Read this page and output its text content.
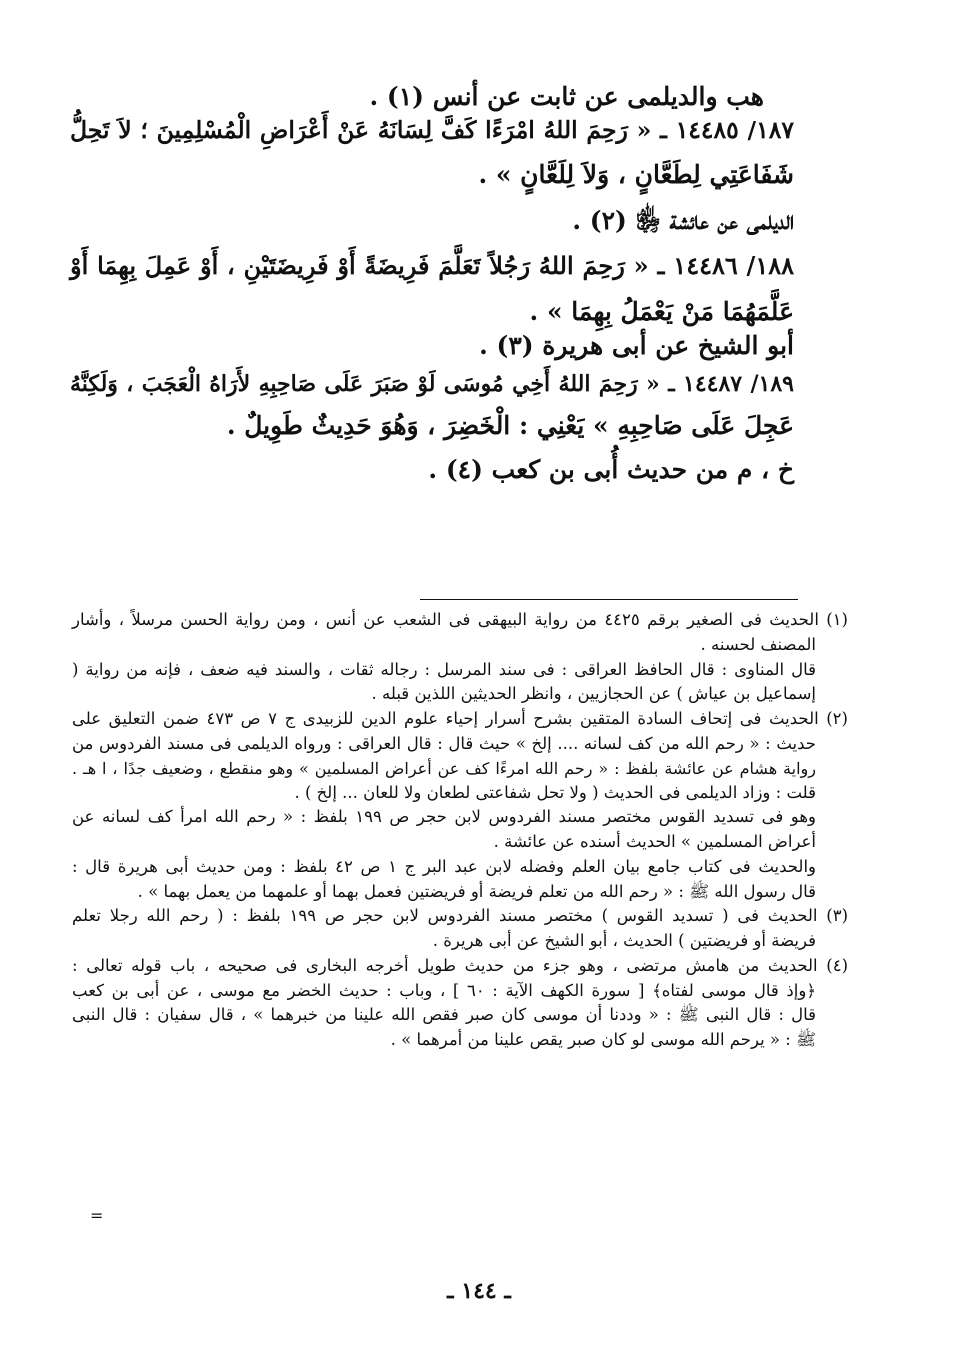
هب والديلمى عن ثابت عن أنس (١) .
١٨٧/ ١٤٤٨٥ ـ « رَحِمَ اللهُ امْرَءًا كَفَّ لِسَانَهُ عَنْ أَعْرَاضِ الْمُسْلِمِينَ ؛ لاَ تَحِلُّ
شَفَاعَتِي لِطَعَّانٍ ، وَلاَ لِلَعَّانٍ » .
الديلمى عن عائشة ﵂ (٢) .
١٨٨/ ١٤٤٨٦ ـ « رَحِمَ اللهُ رَجُلاً تَعَلَّمَ فَرِيضَةً أَوْ فَرِيضَتَيْنِ ، أَوْ عَمِلَ بِهِمَا أَوْ
عَلَّمَهُمَا مَنْ يَعْمَلُ بِهِمَا » .
أبو الشيخ عن أبى هريرة (٣) .
١٨٩/ ١٤٤٨٧ ـ « رَحِمَ اللهُ أَخِي مُوسَى لَوْ صَبَرَ عَلَى صَاحِبِهِ لأَرَاهُ الْعَجَبَ ، وَلَكِنَّهُ
عَجِلَ عَلَى صَاحِبِهِ » يَعْنِي : الْخَضِرَ ، وَهُوَ حَدِيثٌ طَوِيلٌ .
خ ، م من حديث أُبى بن كعب (٤) .
(١) الحديث فى الصغير برقم ٤٤٢٥ من رواية البيهقى فى الشعب عن أنس ، ومن رواية الحسن مرسلاً ، وأشار
المصنف لحسنه .
قال المناوى : قال الحافظ العراقى : فى سند المرسل : رجاله ثقات ، والسند فيه ضعف ، فإنه من رواية (
إسماعيل بن عياش ) عن الحجازيين ، وانظر الحديثين اللذين قبله .
(٢) الحديث فى إتحاف السادة المتقين بشرح أسرار إحياء علوم الدين للزبيدى ج ٧ ص ٤٧٣ ضمن التعليق على
حديث : « رحم الله من كف لسانه .... إلخ » حيث قال : قال العراقى : ورواه الديلمى فى مسند الفردوس من
رواية هشام عن عائشة بلفظ : « رحم الله امرءًا كف عن أعراض المسلمين » وهو منقطع ، وضعيف جدًا ، ا هـ .
قلت : وزاد الديلمى فى الحديث ( ولا تحل شفاعتى لطعان ولا للعان ... إلخ ) .
وهو فى تسديد القوس مختصر مسند الفردوس لابن حجر ص ١٩٩ بلفظ : « رحم الله امرأ كف لسانه عن
أعراض المسلمين » الحديث أسنده عن عائشة .
والحديث فى كتاب جامع بيان العلم وفضله لابن عبد البر ج ١ ص ٤٢ بلفظ : ومن حديث أبى هريرة قال :
قال رسول الله ﷺ : « رحم الله من تعلم فريضة أو فريضتين فعمل بهما أو علمهما من يعمل بهما » .
(٣) الحديث فى ( تسديد القوس ) مختصر مسند الفردوس لابن حجر ص ١٩٩ بلفظ : ( رحم الله رجلا تعلم
فريضة أو فريضتين ) الحديث ، أبو الشيخ عن أبى هريرة .
(٤) الحديث من هامش مرتضى ، وهو جزء من حديث طويل أخرجه البخارى فى صحيحه ، باب قوله تعالى :
﴿وإذ قال موسى لفتاه﴾ [ سورة الكهف الآية : ٦٠ ] ، وباب : حديث الخضر مع موسى ، عن أبى بن كعب
قال : قال النبى ﷺ : « وددنا أن موسى كان صبر فقص الله علينا من خبرهما » ، قال سفيان : قال النبى
ﷺ : « يرحم الله موسى لو كان صبر يقص علينا من أمرهما » .
=
ـ ١٤٤ ـ
